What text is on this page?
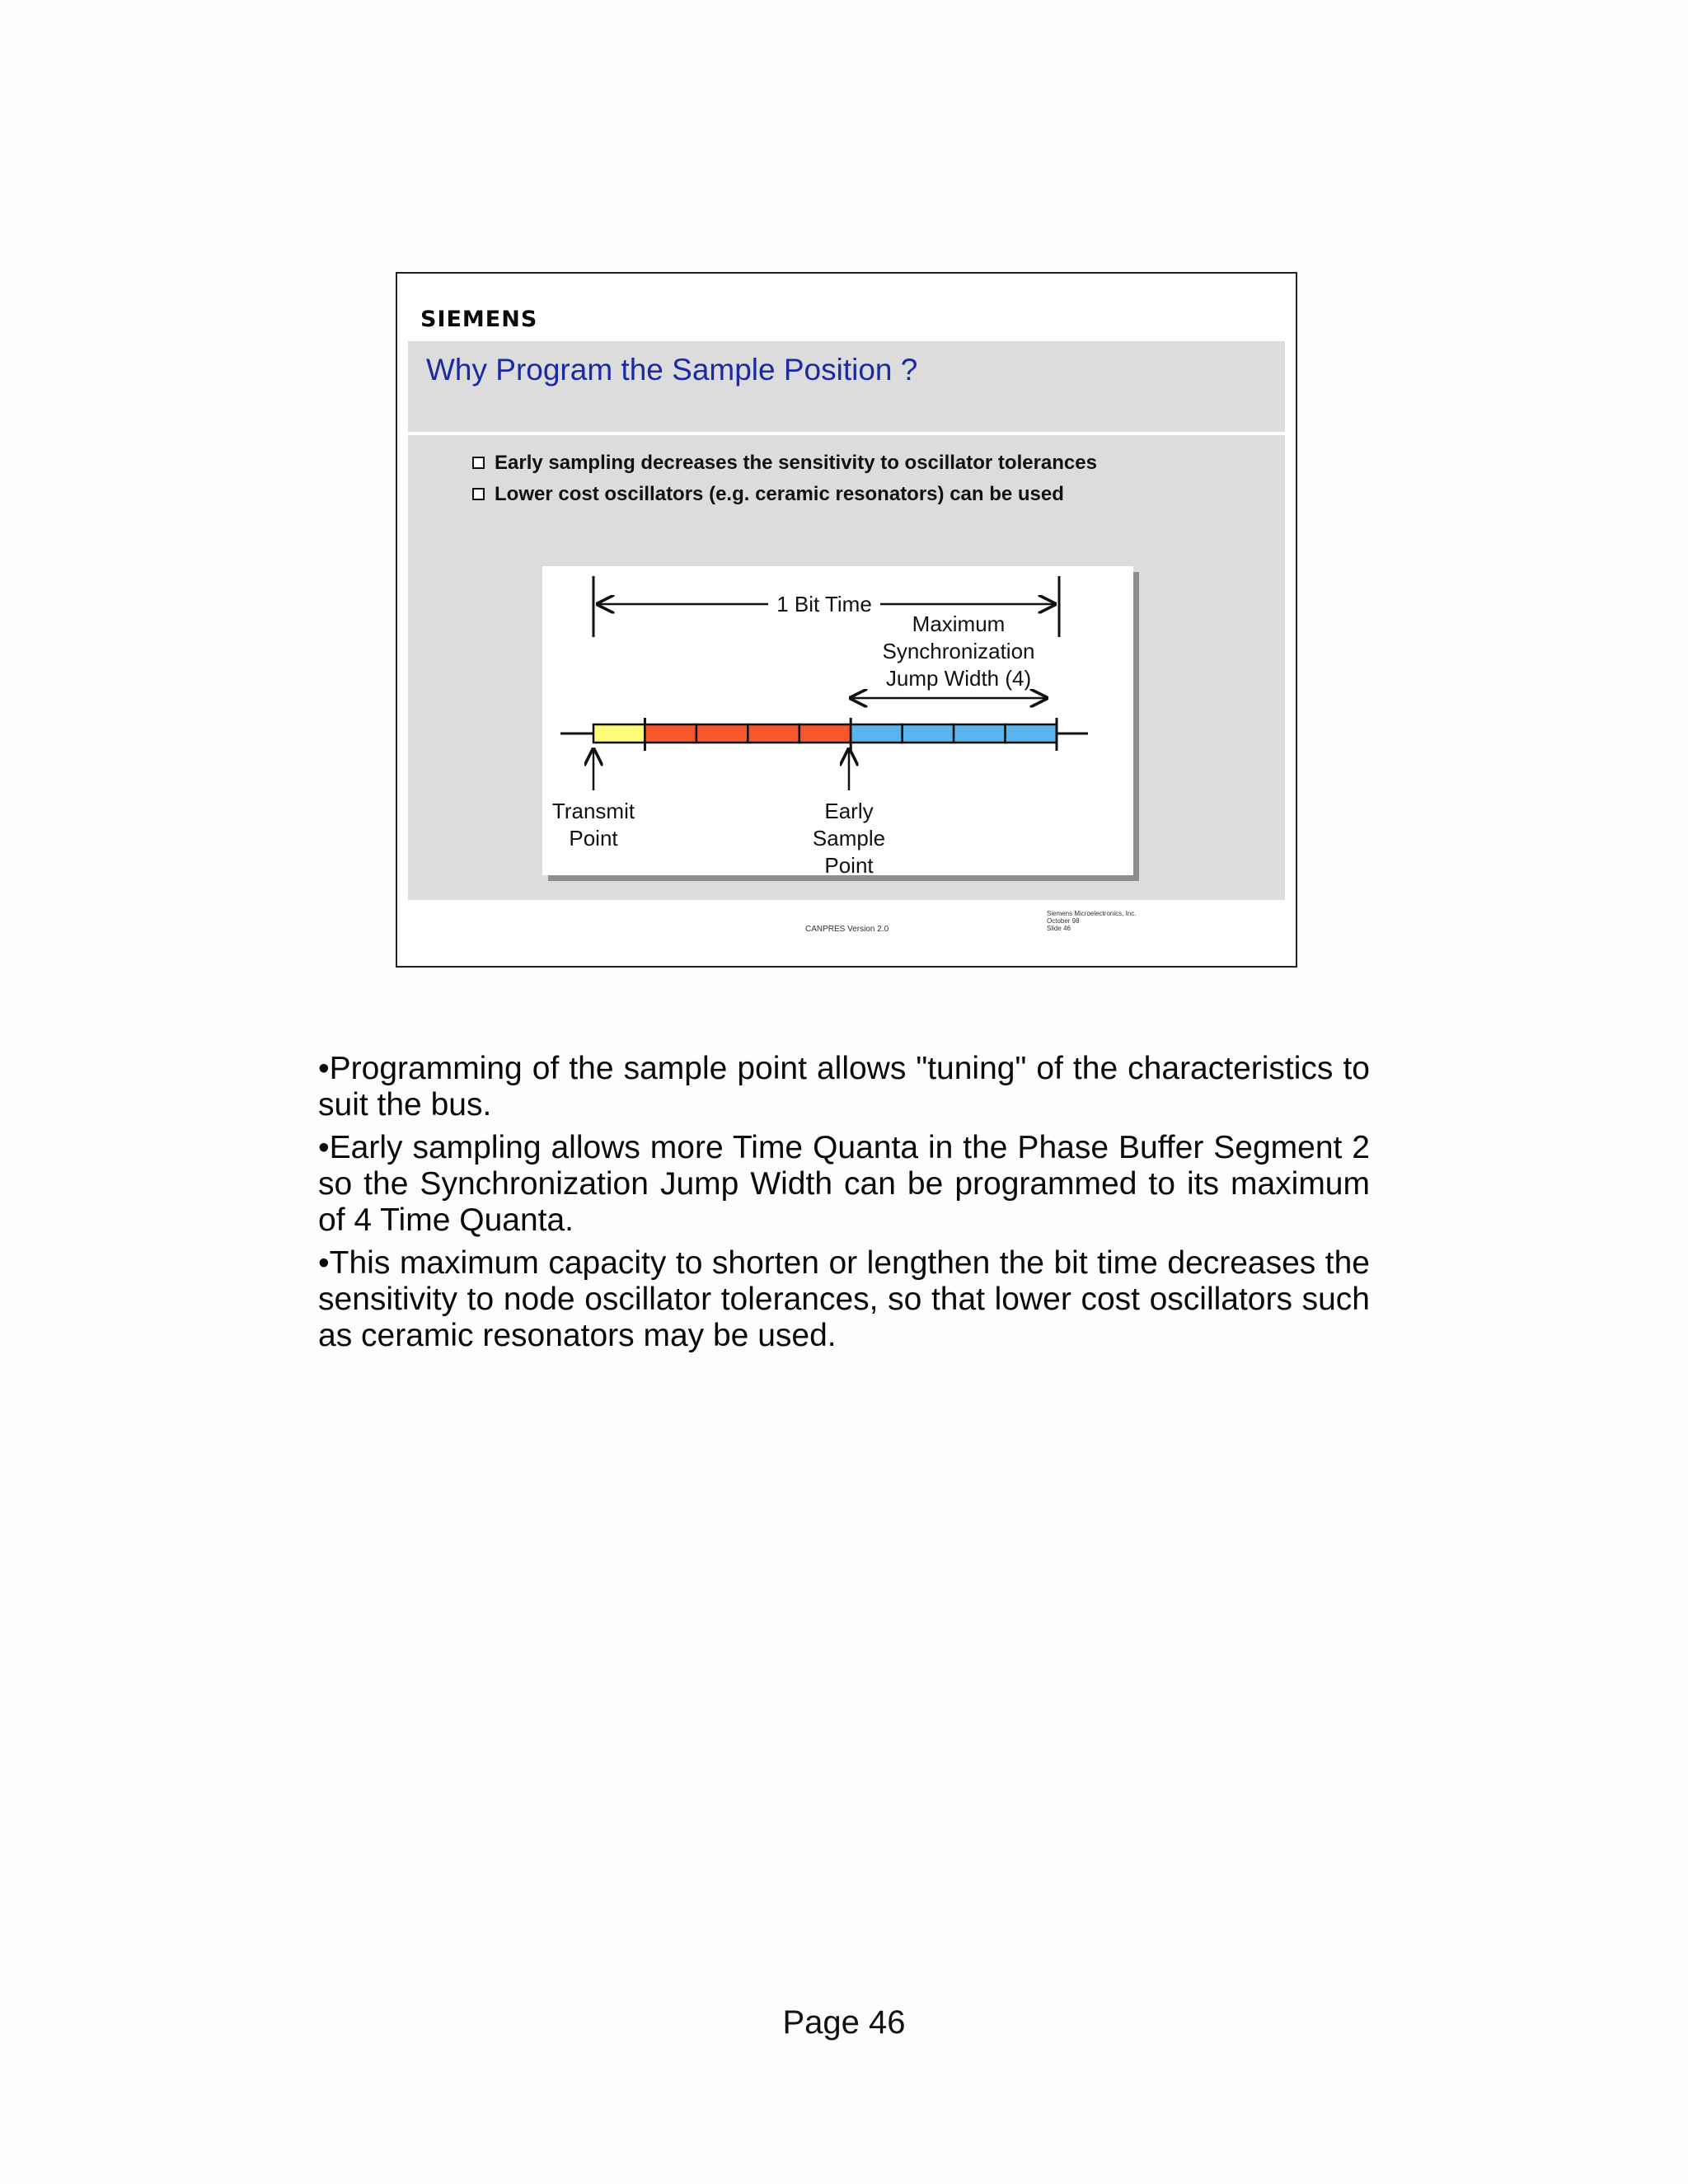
SIEMENS
Why Program the Sample Position ?
Early sampling decreases the sensitivity to oscillator tolerances
Lower cost oscillators (e.g. ceramic resonators) can be used
1 Bit Time
Maximum
Synchronization
Jump Width (4)
Transmit
Point
Early
Sample
Point
CANPRES Version 2.0
Siemens Microelectronics, Inc.
October 98
Slide 46

•Programming of the sample point allows "tuning" of the characteristics to suit the bus.

•Early sampling allows more Time Quanta in the Phase Buffer Segment 2 so the Synchronization Jump Width can be programmed to its maximum of 4 Time Quanta.

•This maximum capacity to shorten or lengthen the bit time decreases the sensitivity to node oscillator tolerances, so that lower cost oscillators such as ceramic resonators may be used.

Page 46
